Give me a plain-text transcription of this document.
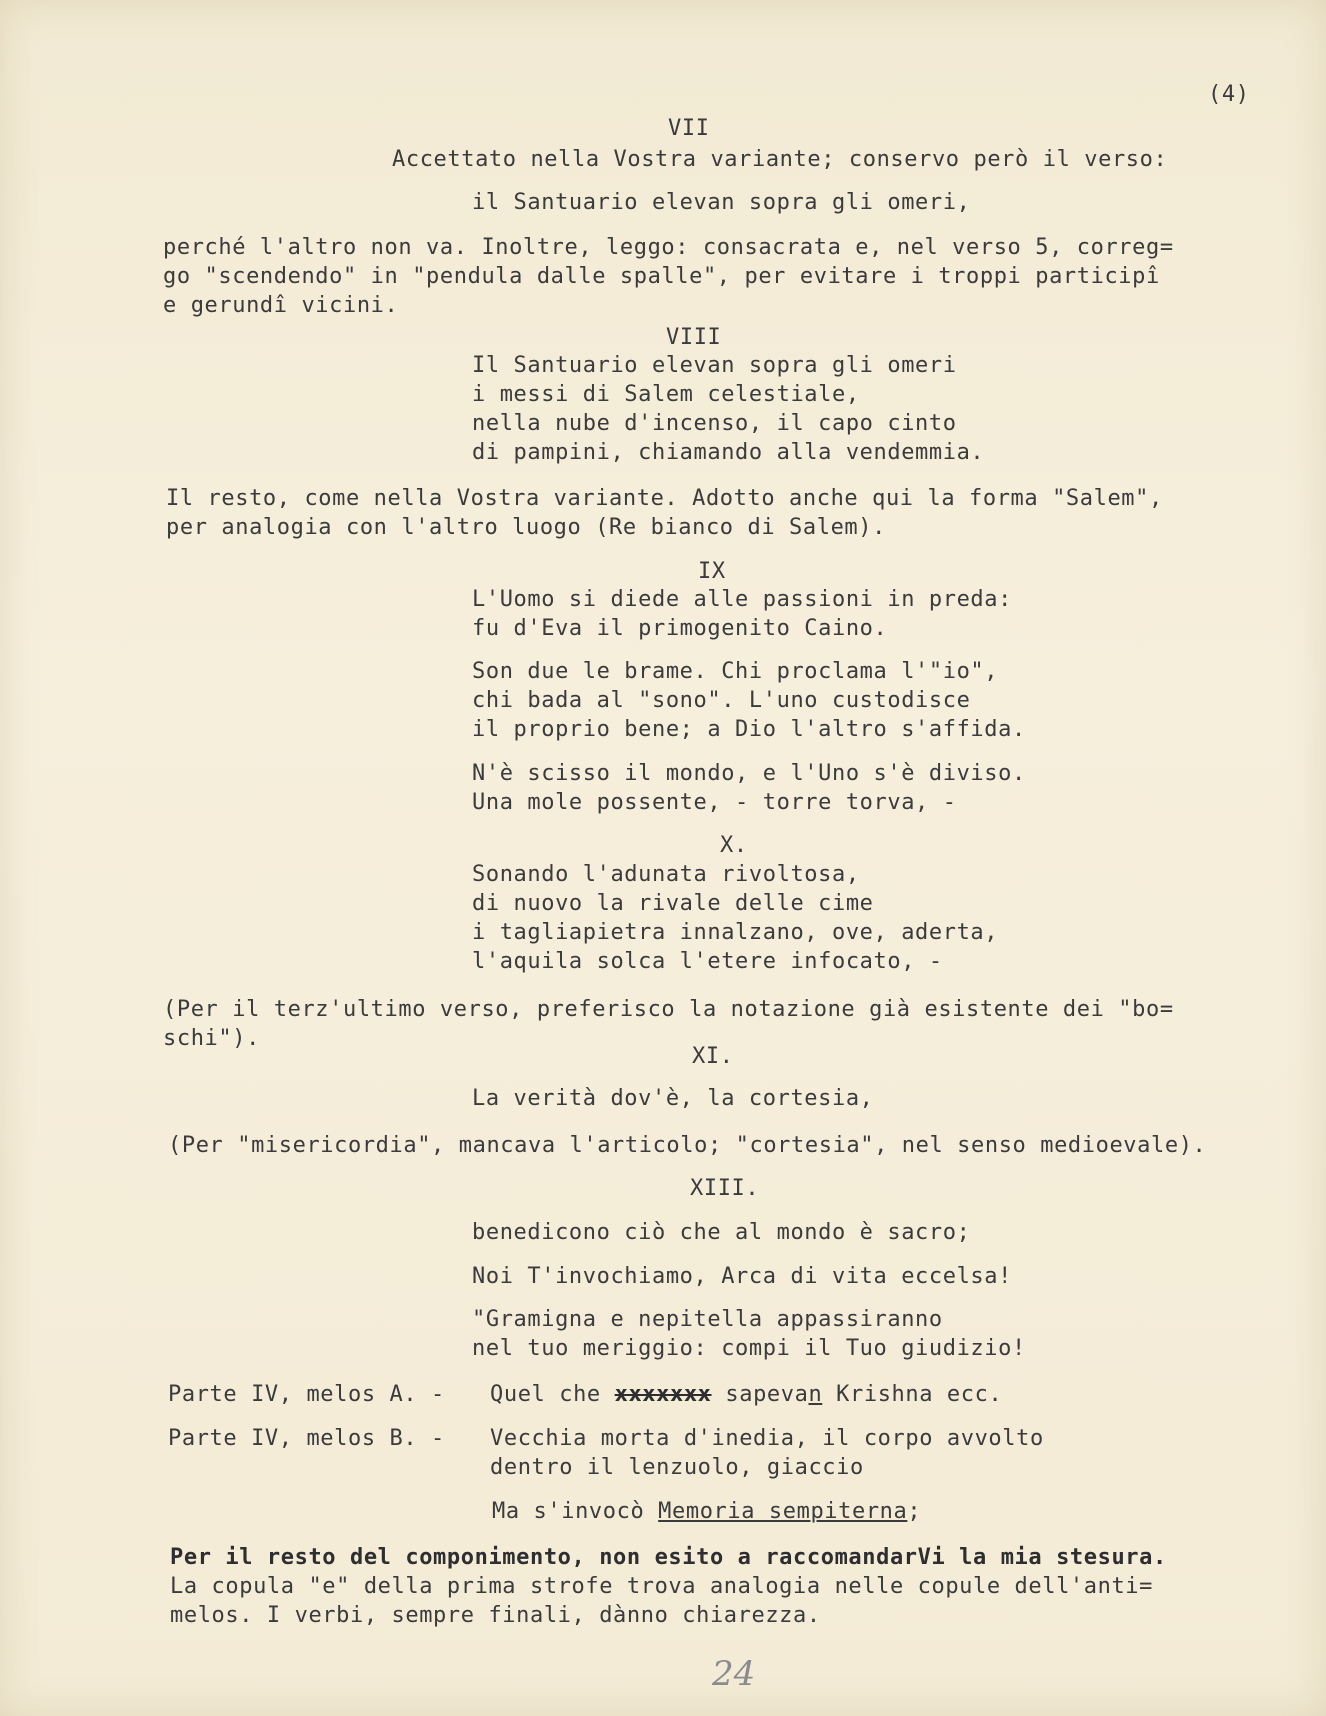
(4)
VII
Accettato nella Vostra variante; conservo però il verso:
il Santuario elevan sopra gli omeri,
perché l'altro non va. Inoltre, leggo: consacrata e, nel verso 5, correg=
go "scendendo" in "pendula dalle spalle", per evitare i troppi participî
e gerundî vicini.
VIII
Il Santuario elevan sopra gli omeri
i messi di Salem celestiale,
nella nube d'incenso, il capo cinto
di pampini, chiamando alla vendemmia.
Il resto, come nella Vostra variante. Adotto anche qui la forma "Salem",
per analogia con l'altro luogo (Re bianco di Salem).
IX
L'Uomo si diede alle passioni in preda:
fu d'Eva il primogenito Caino.
Son due le brame. Chi proclama l'"io",
chi bada al "sono". L'uno custodisce
il proprio bene; a Dio l'altro s'affida.
N'è scisso il mondo, e l'Uno s'è diviso.
Una mole possente, - torre torva, -
X.
Sonando l'adunata rivoltosa,
di nuovo la rivale delle cime
i tagliapietra innalzano, ove, aderta,
l'aquila solca l'etere infocato, -
(Per il terz'ultimo verso, preferisco la notazione già esistente dei "bo=
schi").
XI.
La verità dov'è, la cortesia,
(Per "misericordia", mancava l'articolo; "cortesia", nel senso medioevale).
XIII.
benedicono ciò che al mondo è sacro;
Noi T'invochiamo, Arca di vita eccelsa!
"Gramigna e nepitella appassiranno
nel tuo meriggio: compi il Tuo giudizio!
Parte IV, melos A. - Quel che xxxxxxx sapevan Krishna ecc.
Parte IV, melos B. - Vecchia morta d'inedia, il corpo avvolto
dentro il lenzuolo, giaccio
Ma s'invocò Memoria sempiterna;
Per il resto del componimento, non esito a raccomandarVi la mia stesura.
La copula "e" della prima strofe trova analogia nelle copule dell'anti=
melos. I verbi, sempre finali, dànno chiarezza.
24
